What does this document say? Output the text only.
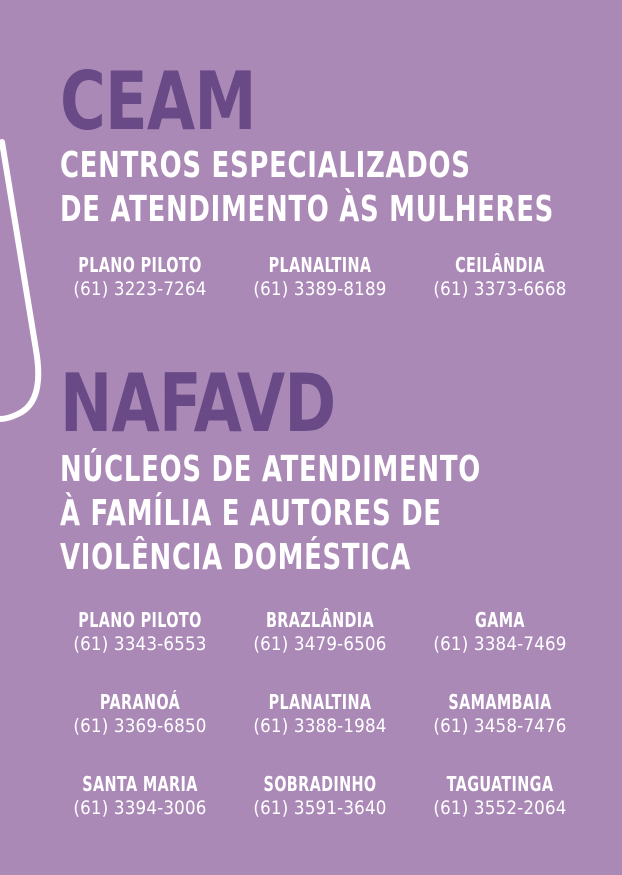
CEAM
CENTROS ESPECIALIZADOS
DE ATENDIMENTO ÀS MULHERES
PLANO PILOTO
(61) 3223-7264
PLANALTINA
(61) 3389-8189
CEILÂNDIA
(61) 3373-6668
NAFAVD
NÚCLEOS DE ATENDIMENTO
À FAMÍLIA E AUTORES DE
VIOLÊNCIA DOMÉSTICA
PLANO PILOTO
(61) 3343-6553
BRAZLÂNDIA
(61) 3479-6506
GAMA
(61) 3384-7469
PARANOÁ
(61) 3369-6850
PLANALTINA
(61) 3388-1984
SAMAMBAIA
(61) 3458-7476
SANTA MARIA
(61) 3394-3006
SOBRADINHO
(61) 3591-3640
TAGUATINGA
(61) 3552-2064
